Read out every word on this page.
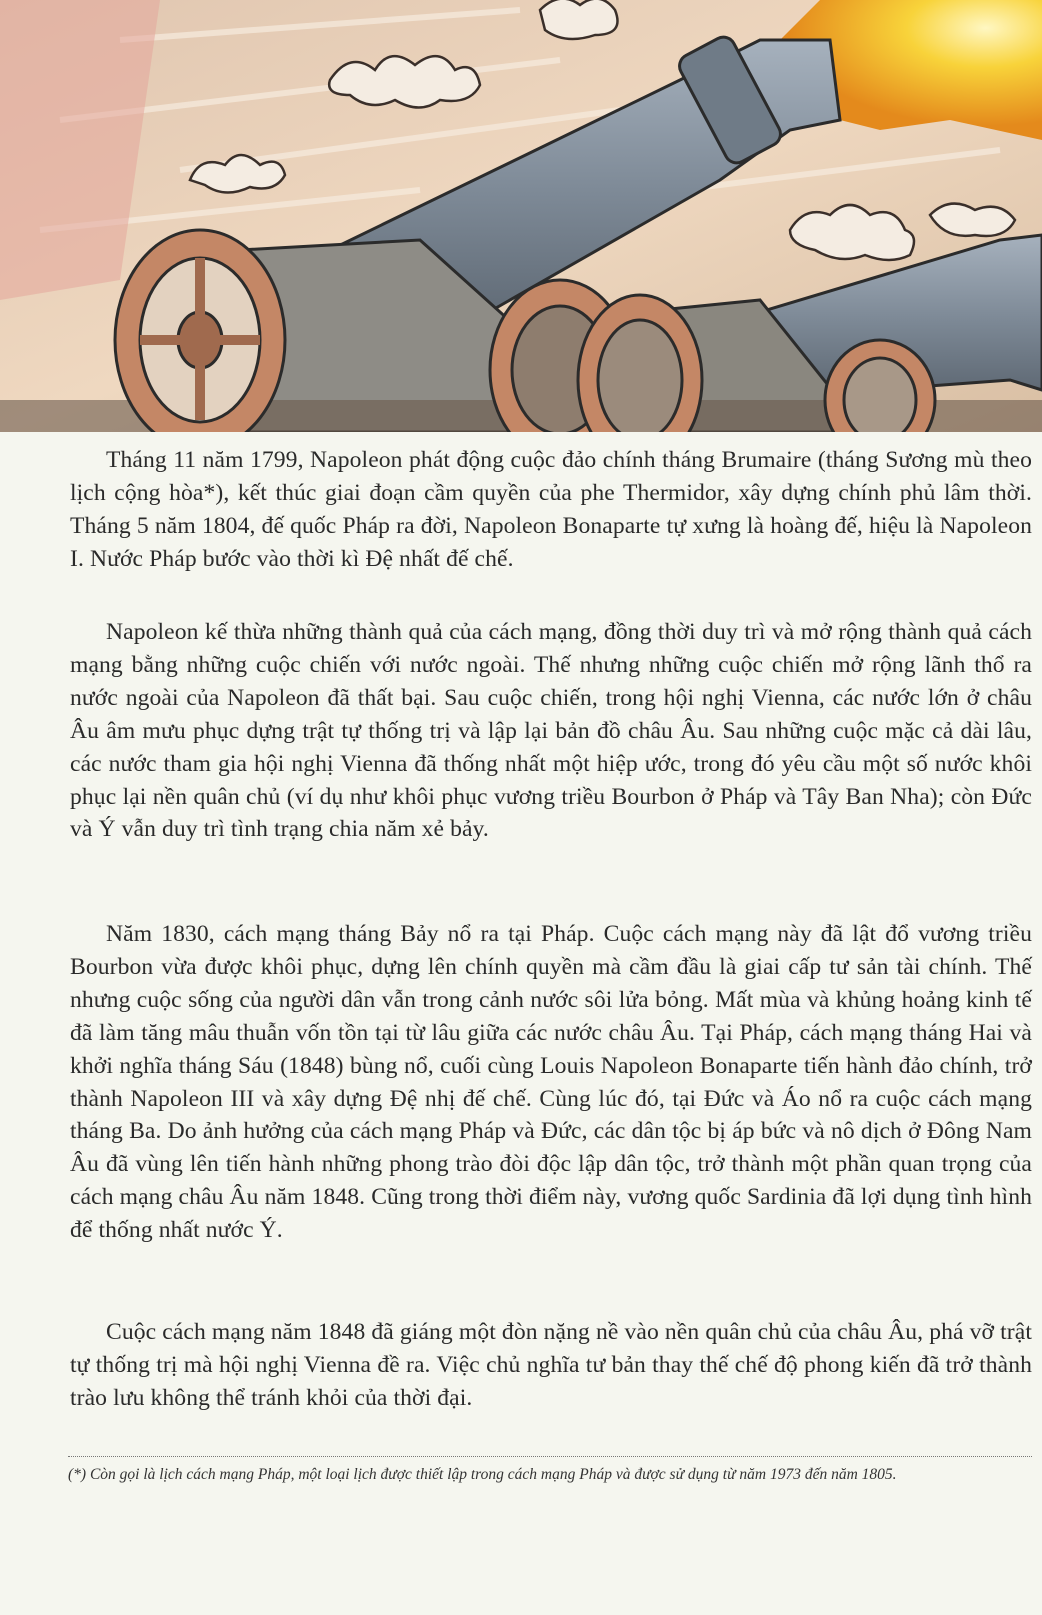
Tháng 11 năm 1799, Napoleon phát động cuộc đảo chính tháng Brumaire (tháng Sương mù theo lịch cộng hòa*), kết thúc giai đoạn cầm quyền của phe Thermidor, xây dựng chính phủ lâm thời. Tháng 5 năm 1804, đế quốc Pháp ra đời, Napoleon Bonaparte tự xưng là hoàng đế, hiệu là Napoleon I. Nước Pháp bước vào thời kì Đệ nhất đế chế.

Napoleon kế thừa những thành quả của cách mạng, đồng thời duy trì và mở rộng thành quả cách mạng bằng những cuộc chiến với nước ngoài. Thế nhưng những cuộc chiến mở rộng lãnh thổ ra nước ngoài của Napoleon đã thất bại. Sau cuộc chiến, trong hội nghị Vienna, các nước lớn ở châu Âu âm mưu phục dựng trật tự thống trị và lập lại bản đồ châu Âu. Sau những cuộc mặc cả dài lâu, các nước tham gia hội nghị Vienna đã thống nhất một hiệp ước, trong đó yêu cầu một số nước khôi phục lại nền quân chủ (ví dụ như khôi phục vương triều Bourbon ở Pháp và Tây Ban Nha); còn Đức và Ý vẫn duy trì tình trạng chia năm xẻ bảy.

Năm 1830, cách mạng tháng Bảy nổ ra tại Pháp. Cuộc cách mạng này đã lật đổ vương triều Bourbon vừa được khôi phục, dựng lên chính quyền mà cầm đầu là giai cấp tư sản tài chính. Thế nhưng cuộc sống của người dân vẫn trong cảnh nước sôi lửa bỏng. Mất mùa và khủng hoảng kinh tế đã làm tăng mâu thuẫn vốn tồn tại từ lâu giữa các nước châu Âu. Tại Pháp, cách mạng tháng Hai và khởi nghĩa tháng Sáu (1848) bùng nổ, cuối cùng Louis Napoleon Bonaparte tiến hành đảo chính, trở thành Napoleon III và xây dựng Đệ nhị đế chế. Cùng lúc đó, tại Đức và Áo nổ ra cuộc cách mạng tháng Ba. Do ảnh hưởng của cách mạng Pháp và Đức, các dân tộc bị áp bức và nô dịch ở Đông Nam Âu đã vùng lên tiến hành những phong trào đòi độc lập dân tộc, trở thành một phần quan trọng của cách mạng châu Âu năm 1848. Cũng trong thời điểm này, vương quốc Sardinia đã lợi dụng tình hình để thống nhất nước Ý.

Cuộc cách mạng năm 1848 đã giáng một đòn nặng nề vào nền quân chủ của châu Âu, phá vỡ trật tự thống trị mà hội nghị Vienna đề ra. Việc chủ nghĩa tư bản thay thế chế độ phong kiến đã trở thành trào lưu không thể tránh khỏi của thời đại.

(*) Còn gọi là lịch cách mạng Pháp, một loại lịch được thiết lập trong cách mạng Pháp và được sử dụng từ năm 1973 đến năm 1805.
